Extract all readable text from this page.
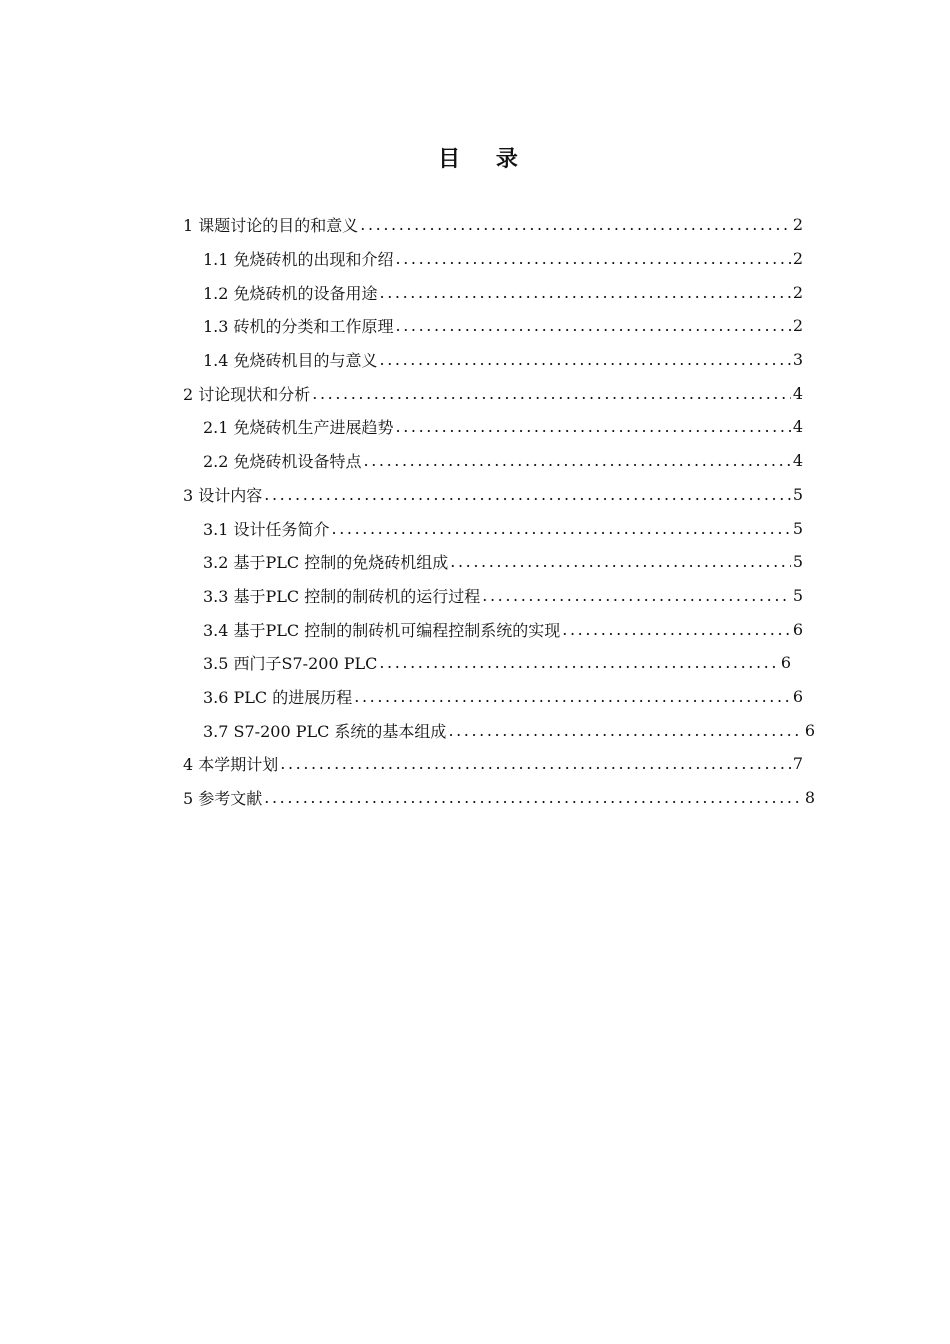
目 录
1 课题讨论的目的和意义 .....	2
1.1 免烧砖机的出现和介绍 .....	2
1.2 免烧砖机的设备用途 .....	2
1.3 砖机的分类和工作原理 .....	2
1.4 免烧砖机目的与意义 .....	3
2 讨论现状和分析 .....	4
2.1 免烧砖机生产进展趋势 .....	4
2.2 免烧砖机设备特点 .....	4
3 设计内容 .....	5
3.1 设计任务简介 .....	5
3.2 基于PLC 控制的免烧砖机组成 .....	5
3.3 基于PLC 控制的制砖机的运行过程 .....	5
3.4 基于PLC 控制的制砖机可编程控制系统的实现 .....	6
3.5 西门子S7-200 PLC .....	6
3.6 PLC 的进展历程 .....	6
3.7 S7-200 PLC 系统的基本组成 .....	6
4 本学期计划 .....	7
5 参考文献 .....	8
